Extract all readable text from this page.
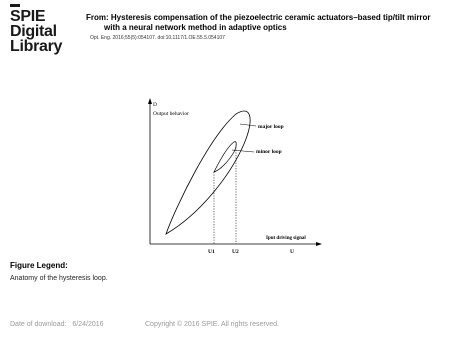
SPIE
Digital
Library

From: Hysteresis compensation of the piezoelectric ceramic actuators–based tip/tilt mirror

with a neural network method in adaptive optics

Opt. Eng. 2016;55(5):054107. doi:10.1117/1.OE.55.5.054107

D
Output behavior
major loop
minor loop
Iput driving signal
U
U1	U2
Figure Legend:
Anatomy of the hysteresis loop.
Date of download: 6/24/2016	Copyright © 2016 SPIE. All rights reserved.
